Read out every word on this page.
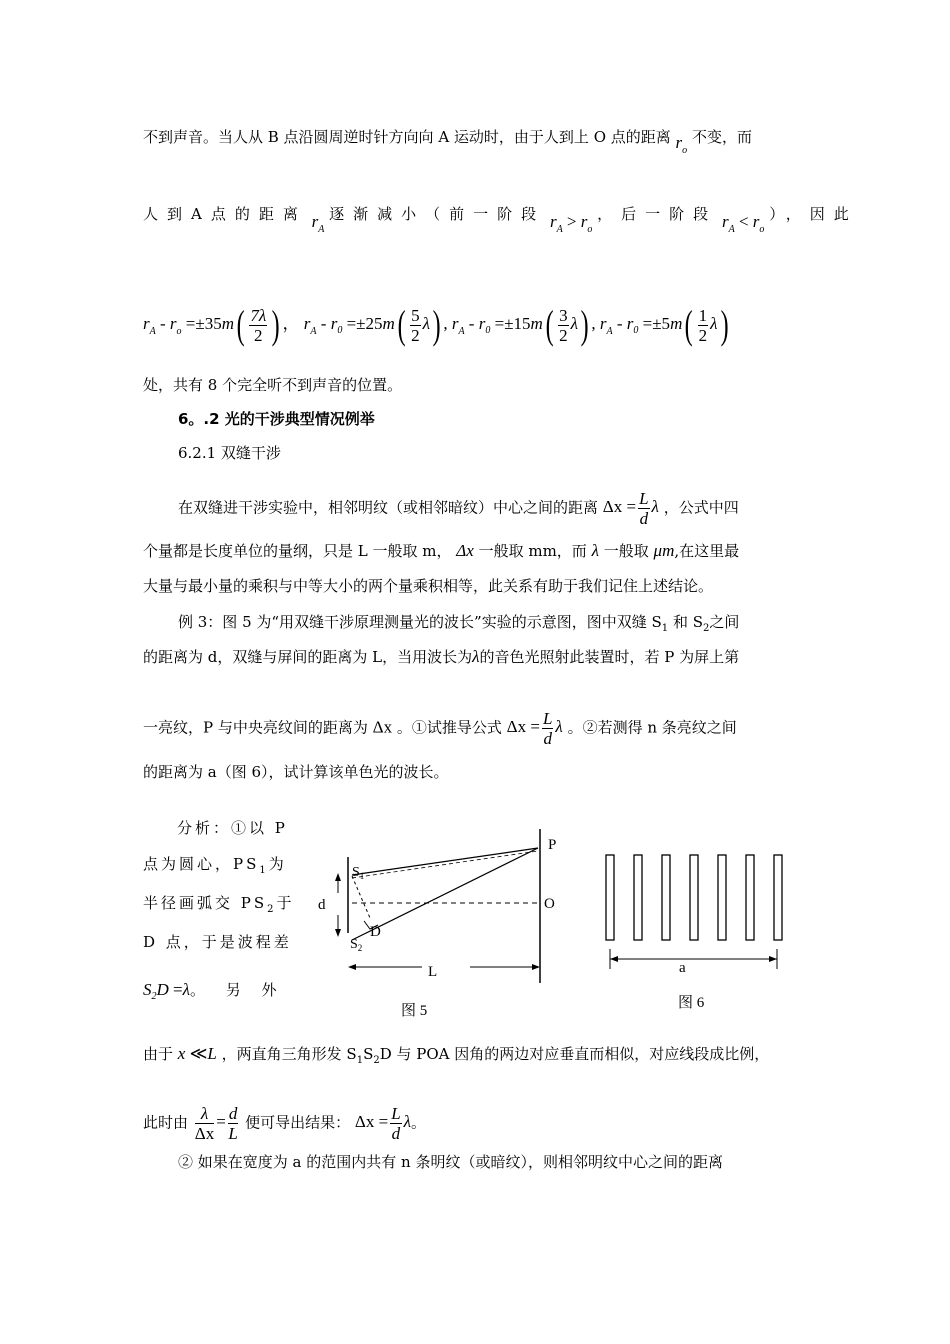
不到声音。当人从 B 点沿圆周逆时针方向向 A 运动时，由于人到上 O 点的距离 $r_o$ 不变，而
人到A点的距离 $r_A$ 逐渐减小（前一阶段 $r_A > r_o$ ，后一阶段 $r_A < r_o$ ），因此
$r_A - r_o =\pm 35m( \frac{7\lambda}{2}$ ) ， $r_A - r_0 =\pm 25m( \frac{5}{2} \lambda)$ , $r_A - r_0 =\pm 15m( \frac{3}{2} \lambda)$ , $r_A - r_0 =\pm 5m( \frac{1}{2} \lambda)$
处，共有 8 个完全听不到声音的位置。
6。.2 光的干涉典型情况例举
6.2.1 双缝干涉
在双缝进干涉实验中，相邻明纹（或相邻暗纹）中心之间的距离 $\Delta x = \frac{L}{d}$ λ ，公式中四
个量都是长度单位的量纲，只是 L 一般取 m， Δx 一般取 mm，而 λ 一般取 μm,在这里最
大量与最小量的乘积与中等大小的两个量乘积相等，此关系有助于我们记住上述结论。
例 3：图 5 为“用双缝干涉原理测量光的波长”实验的示意图，图中双缝 $S_1$ 和 $S_2$之间
的距离为 d，双缝与屏间的距离为 L，当用波长为λ的音色光照射此装置时，若 P 为屏上第
一亮纹，P 与中央亮纹间的距离为 Δx 。①试推导公式 $\Delta x = \frac{L}{d}$ λ 。②若测得 n 条亮纹之间
的距离为 a（图 6），试计算该单色光的波长。
分析：①以 P
点为圆心，$PS_1$为
半径画弧交 $PS_2$于
D 点，于是波程差
$S_2D =\lambda$。 另 外
P
$S_1$
d	O
D
$S_2$
L
图 5
a
图 6
由于 x ≪L ，两直角三角形发 $S_1S_2D$ 与 POA 因角的两边对应垂直而相似，对应线段成比例，
此时由 $\frac{\lambda}{\Delta x} = \frac{d}{L}$ 便可导出结果： $\Delta x = \frac{L}{d}$ λ。
② 如果在宽度为 a 的范围内共有 n 条明纹（或暗纹），则相邻明纹中心之间的距离
